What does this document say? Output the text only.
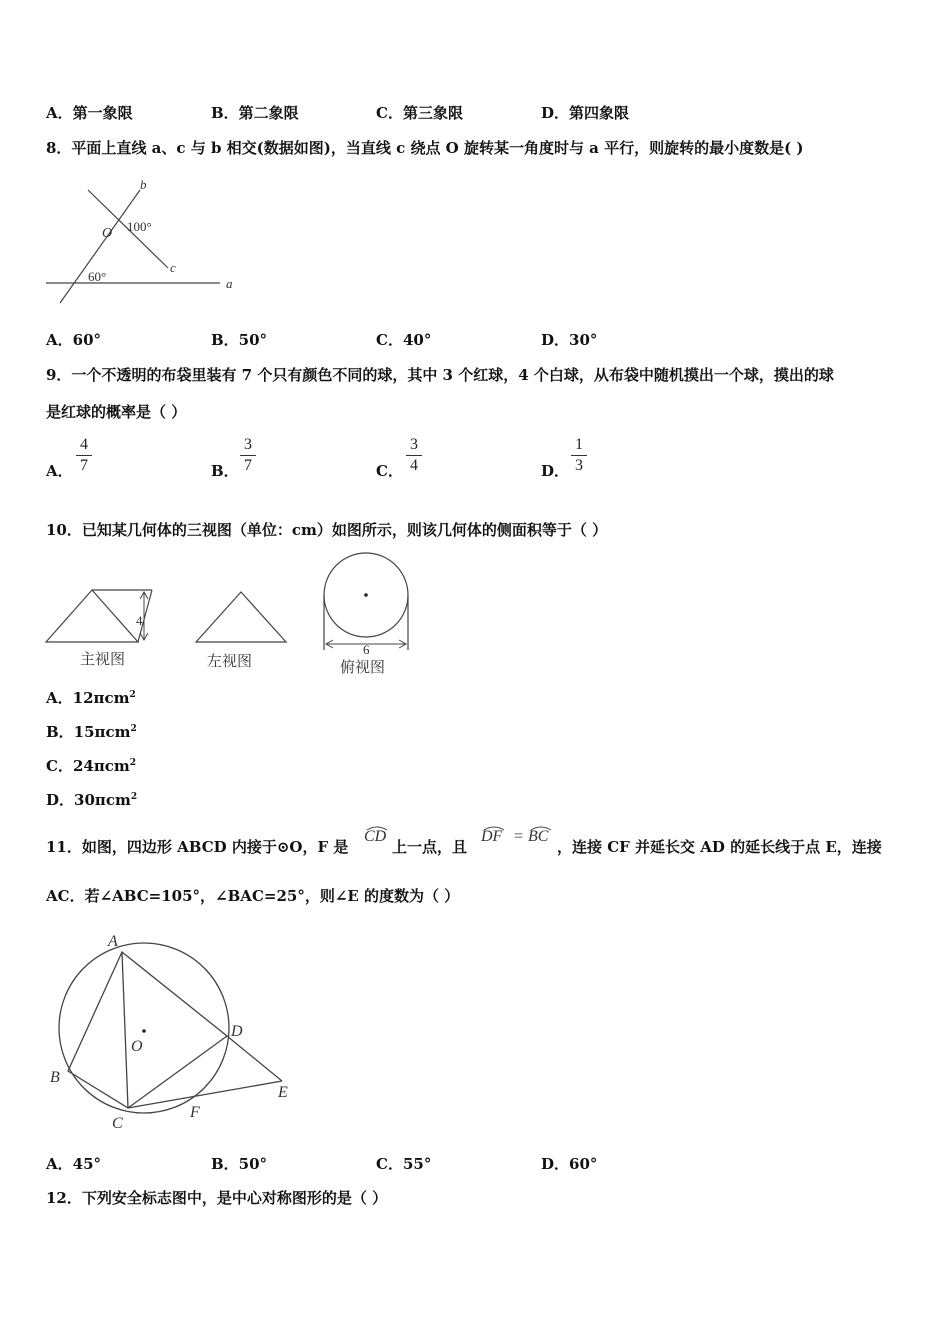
A．第一象限	B．第二象限	C．第三象限	D．第四象限
8．平面上直线 a、c 与 b 相交(数据如图)，当直线 c 绕点 O 旋转某一角度时与 a 平行，则旋转的最小度数是( )
b
O 100°
c
60°	a
A．60°	B．50°	C．40°	D．30°
9．一个不透明的布袋里装有 7 个只有颜色不同的球，其中 3 个红球，4 个白球，从布袋中随机摸出一个球，摸出的球
是红球的概率是（ ）
A．
4
7	B．
3
7	C．
3
4	D．
1
3
10．已知某几何体的三视图（单位：cm）如图所示，则该几何体的侧面积等于（ ）
4
主视图	左视图
6
俯视图
A．12πcm$^2$
B．15πcm$^2$
C．24πcm$^2$
D．30πcm$^2$
11．如图，四边形 ABCD 内接于⊙O，F 是
CD
上一点，且
DF = BC
，连接 CF 并延长交 AD 的延长线于点 E，连接
AC．若∠ABC=105°，∠BAC=25°，则∠E 的度数为（ ）
A
B
C
D
E
F
O
A．45°	B．50°	C．55°	D．60°
12．下列安全标志图中，是中心对称图形的是（ ）
